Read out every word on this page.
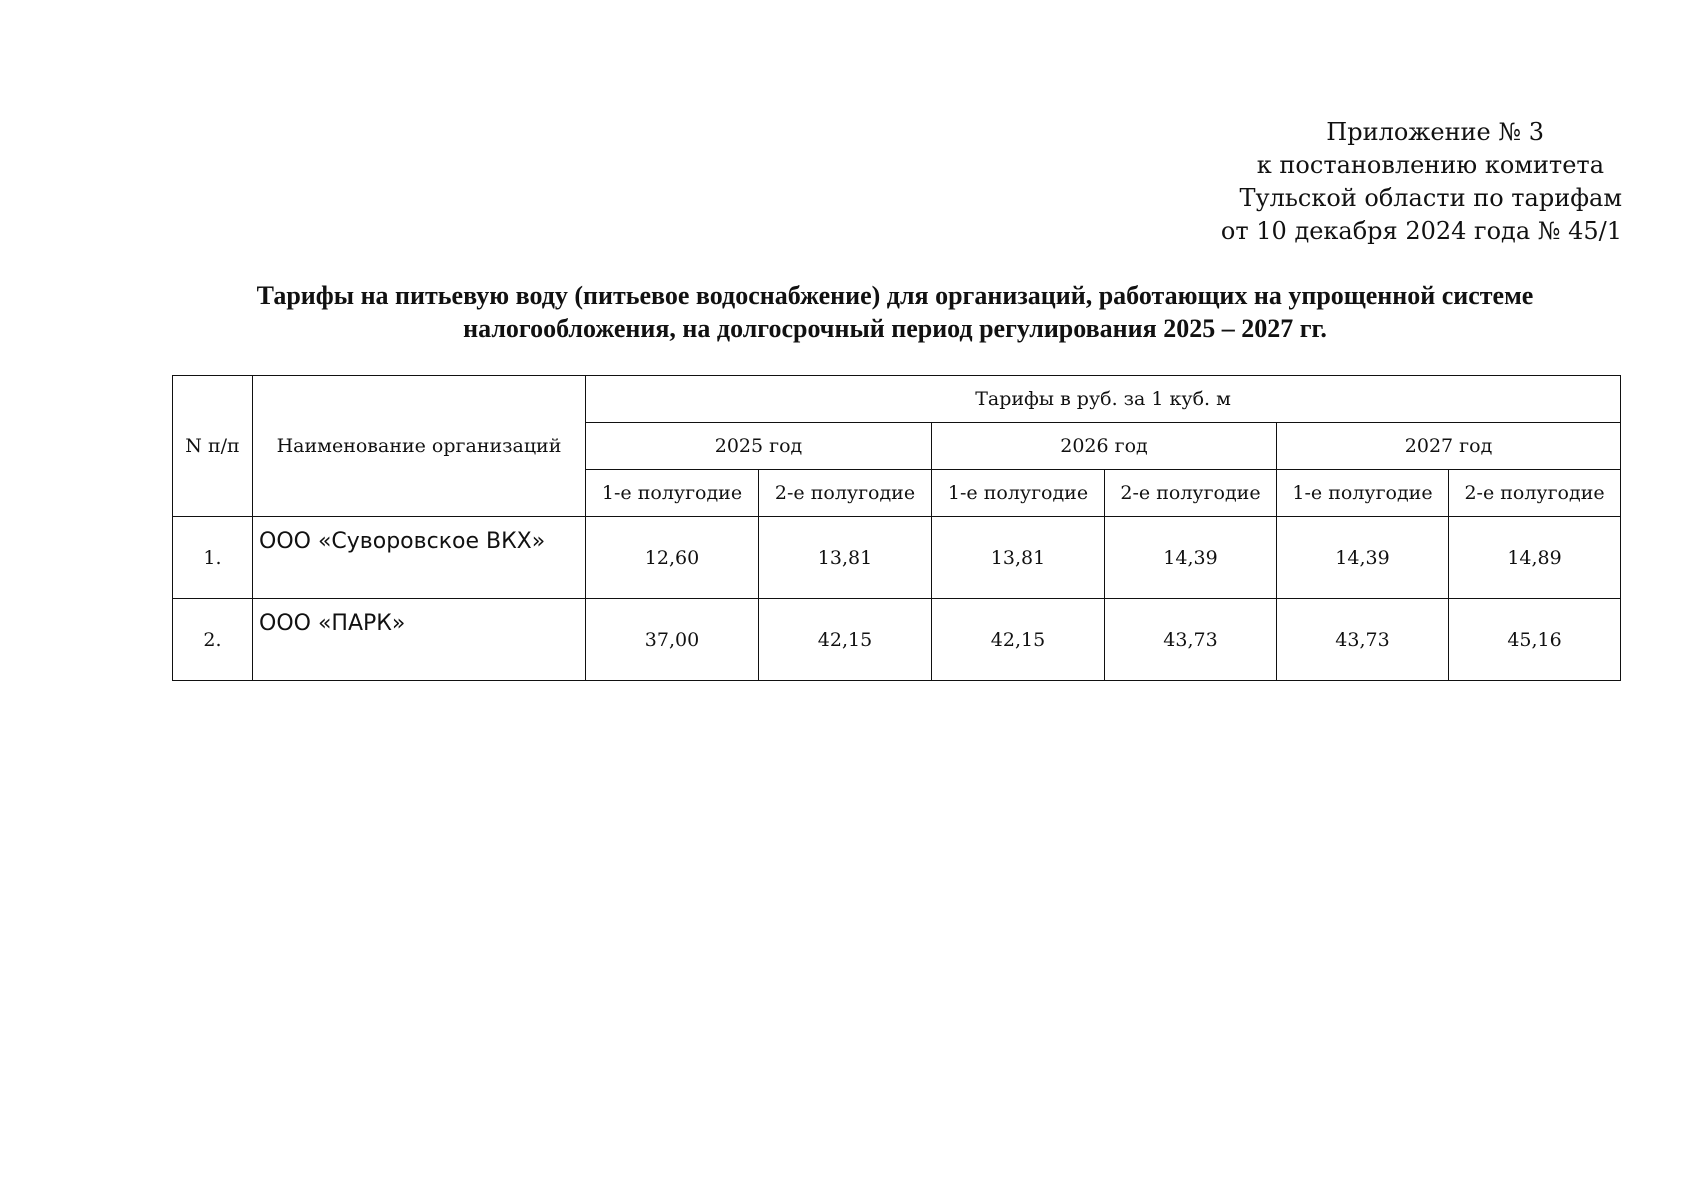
Приложение № 3
к постановлению комитета
Тульской области по тарифам
от 10 декабря 2024 года № 45/1
Тарифы на питьевую воду (питьевое водоснабжение) для организаций, работающих на упрощенной системе
налогообложения, на долгосрочный период регулирования 2025 – 2027 гг.
N п/п	Наименование организаций	Тарифы в руб. за 1 куб. м					
		2025 год		2026 год		2027 год	
		1-е полугодие	2-е полугодие	1-е полугодие	2-е полугодие	1-е полугодие	2-е полугодие
1.	ООО «Суворовское ВКХ»	12,60	13,81	13,81	14,39	14,39	14,89
2.	ООО «ПАРК»	37,00	42,15	42,15	43,73	43,73	45,16
